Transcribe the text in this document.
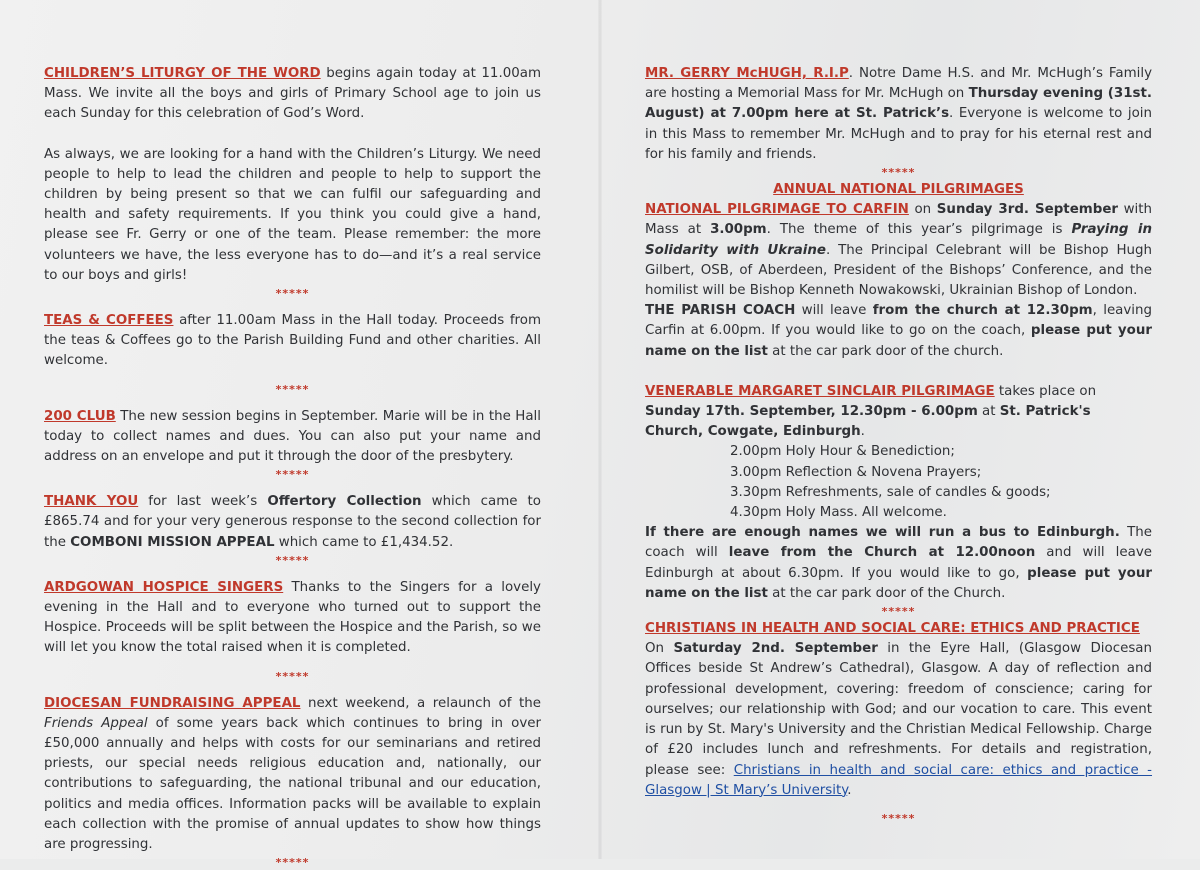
CHILDREN’S LITURGY OF THE WORD begins again today at 11.00am Mass. We invite all the boys and girls of Primary School age to join us each Sunday for this celebration of God’s Word.

As always, we are looking for a hand with the Children’s Liturgy. We need people to help to lead the children and people to help to support the children by being present so that we can fulfil our safeguarding and health and safety requirements. If you think you could give a hand, please see Fr. Gerry or one of the team. Please remember: the more volunteers we have, the less everyone has to do—and it’s a real service to our boys and girls!

*****

TEAS & COFFEES after 11.00am Mass in the Hall today. Proceeds from the teas & Coffees go to the Parish Building Fund and other charities. All welcome.

*****

200 CLUB The new session begins in September. Marie will be in the Hall today to collect names and dues. You can also put your name and address on an envelope and put it through the door of the presbytery.

*****

THANK YOU for last week’s Offertory Collection which came to £865.74 and for your very generous response to the second collection for the COMBONI MISSION APPEAL which came to £1,434.52.

*****

ARDGOWAN HOSPICE SINGERS Thanks to the Singers for a lovely evening in the Hall and to everyone who turned out to support the Hospice. Proceeds will be split between the Hospice and the Parish, so we will let you know the total raised when it is completed.

*****

DIOCESAN FUNDRAISING APPEAL next weekend, a relaunch of the Friends Appeal of some years back which continues to bring in over £50,000 annually and helps with costs for our seminarians and retired priests, our special needs religious education and, nationally, our contributions to safeguarding, the national tribunal and our education, politics and media offices. Information packs will be available to explain each collection with the promise of annual updates to show how things are progressing.

*****

MR. GERRY McHUGH, R.I.P. Notre Dame H.S. and Mr. McHugh’s Family are hosting a Memorial Mass for Mr. McHugh on Thursday evening (31st. August) at 7.00pm here at St. Patrick’s. Everyone is welcome to join in this Mass to remember Mr. McHugh and to pray for his eternal rest and for his family and friends.

*****
ANNUAL NATIONAL PILGRIMAGES

NATIONAL PILGRIMAGE TO CARFIN on Sunday 3rd. September with Mass at 3.00pm. The theme of this year’s pilgrimage is Praying in Solidarity with Ukraine. The Principal Celebrant will be Bishop Hugh Gilbert, OSB, of Aberdeen, President of the Bishops’ Conference, and the homilist will be Bishop Kenneth Nowakowski, Ukrainian Bishop of London.

THE PARISH COACH will leave from the church at 12.30pm, leaving Carfin at 6.00pm. If you would like to go on the coach, please put your name on the list at the car park door of the church.

VENERABLE MARGARET SINCLAIR PILGRIMAGE takes place on Sunday 17th. September, 12.30pm - 6.00pm at St. Patrick's Church, Cowgate, Edinburgh.

2.00pm Holy Hour & Benediction;
3.00pm Reflection & Novena Prayers;
3.30pm Refreshments, sale of candles & goods;
4.30pm Holy Mass. All welcome.

If there are enough names we will run a bus to Edinburgh. The coach will leave from the Church at 12.00noon and will leave Edinburgh at about 6.30pm. If you would like to go, please put your name on the list at the car park door of the Church.

*****
CHRISTIANS IN HEALTH AND SOCIAL CARE: ETHICS AND PRACTICE

On Saturday 2nd. September in the Eyre Hall, (Glasgow Diocesan Offices beside St Andrew’s Cathedral), Glasgow. A day of reflection and professional development, covering: freedom of conscience; caring for ourselves; our relationship with God; and our vocation to care. This event is run by St. Mary's University and the Christian Medical Fellowship. Charge of £20 includes lunch and refreshments. For details and registration, please see: Christians in health and social care: ethics and practice - Glasgow | St Mary’s University.

*****
